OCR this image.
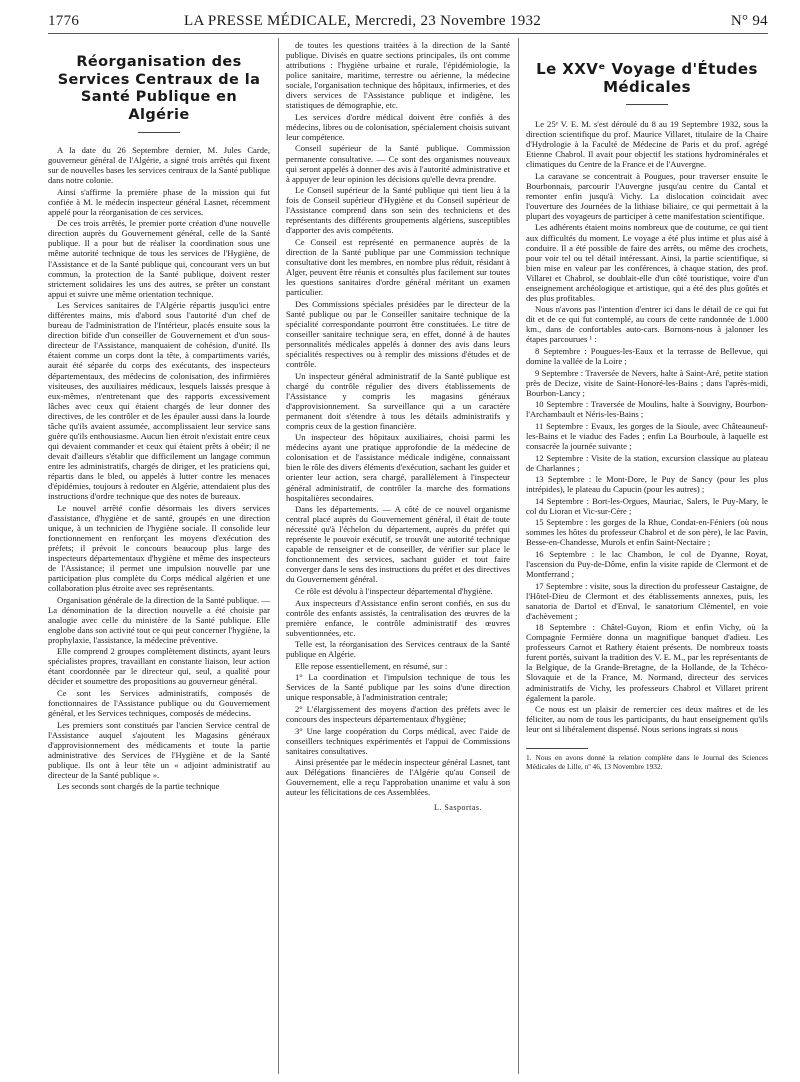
1776	LA PRESSE MÉDICALE, Mercredi, 23 Novembre 1932	N° 94
Réorganisation des Services Centraux de la Santé Publique en Algérie

A la date du 26 Septembre dernier, M. Jules Carde, gouverneur général de l'Algérie, a signé trois arrêtés qui fixent sur de nouvelles bases les services centraux de la Santé publique dans notre colonie.

Ainsi s'affirme la première phase de la mission qui fut confiée à M. le médecin inspecteur général Lasnet, récemment appelé pour la réorganisation de ces services.

De ces trois arrêtés, le premier porte création d'une nouvelle direction auprès du Gouvernement général, celle de la Santé publique. Il a pour but de réaliser la coordination sous une même autorité technique de tous les services de l'Hygiène, de l'Assistance et de la Santé publique qui, concourant vers un but commun, la protection de la Santé publique, doivent rester strictement solidaires les uns des autres, se prêter un constant appui et suivre une même orientation technique.

Les Services sanitaires de l'Algérie répartis jusqu'ici entre différentes mains, mis d'abord sous l'autorité d'un chef de bureau de l'administration de l'Intérieur, placés ensuite sous la direction bifide d'un conseiller de Gouvernement et d'un sous-directeur de l'Assistance, manquaient de cohésion, d'unité. Ils étaient comme un corps dont la tête, à compartiments variés, aurait été séparée du corps des exécutants, des inspecteurs départementaux, des médecins de colonisation, des infirmières visiteuses, des auxiliaires médicaux, lesquels laissés presque à eux-mêmes, n'entretenant que des rapports excessivement lâches avec ceux qui étaient chargés de leur donner des directives, de les contrôler et de les épauler aussi dans la lourde tâche qu'ils avaient assumée, accomplissaient leur service sans guère qu'ils enthousiasme. Aucun lien étroit n'existait entre ceux qui devaient commander et ceux qui étaient prêts à obéir; il ne devait d'ailleurs s'établir que difficilement un langage commun entre les administratifs, chargés de diriger, et les praticiens qui, répartis dans le bled, ou appelés à lutter contre les menaces d'épidémies, toujours à redouter en Algérie, attendaient plus des instructions d'ordre technique que des notes de bureaux.

Le nouvel arrêté confie désormais les divers services d'assistance, d'hygiène et de santé, groupés en une direction unique, à un technicien de l'hygiène sociale. Il consolide leur fonctionnement en renforçant les moyens d'exécution des préfets; il prévoit le concours beaucoup plus large des inspecteurs départementaux d'hygiène et même des inspecteurs de l'Assistance; il permet une impulsion nouvelle par une participation plus complète du Corps médical algérien et une collaboration plus étroite avec ses représentants.

Organisation générale de la direction de la Santé publique. — La dénomination de la direction nouvelle a été choisie par analogie avec celle du ministère de la Santé publique. Elle englobe dans son activité tout ce qui peut concerner l'hygiène, la prophylaxie, l'assistance, la médecine préventive.

Elle comprend 2 groupes complètement distincts, ayant leurs spécialistes propres, travaillant en constante liaison, leur action étant coordonnée par le directeur qui, seul, a qualité pour décider et soumettre des propositions au gouverneur général.

Ce sont les Services administratifs, composés de fonctionnaires de l'Assistance publique ou du Gouvernement général, et les Services techniques, composés de médecins.

Les premiers sont constitués par l'ancien Service central de l'Assistance auquel s'ajoutent les Magasins généraux d'approvisionnement des médicaments et toute la partie administrative des Services de l'Hygiène et de la Santé publique. Ils ont à leur tête un « adjoint administratif au directeur de la Santé publique ».

Les seconds sont chargés de la partie technique

de toutes les questions traitées à la direction de la Santé publique. Divisés en quatre sections principales, ils ont comme attributions : l'hygiène urbaine et rurale, l'épidémiologie, la police sanitaire, maritime, terrestre ou aérienne, la médecine sociale, l'organisation technique des hôpitaux, infirmeries, et des divers services de l'Assistance publique et indigène, les statistiques de démographie, etc.

Les services d'ordre médical doivent être confiés à des médecins, libres ou de colonisation, spécialement choisis suivant leur compétence.

Conseil supérieur de la Santé publique. Commission permanente consultative. — Ce sont des organismes nouveaux qui seront appelés à donner des avis à l'autorité administrative et à appuyer de leur opinion les décisions qu'elle devra prendre.

Le Conseil supérieur de la Santé publique qui tient lieu à la fois de Conseil supérieur d'Hygiène et du Conseil supérieur de l'Assistance comprend dans son sein des techniciens et des représentants des différents groupements algériens, susceptibles d'apporter des avis compétents.

Ce Conseil est représenté en permanence auprès de la direction de la Santé publique par une Commission technique consultative dont les membres, en nombre plus réduit, résidant à Alger, peuvent être réunis et consultés plus facilement sur toutes les questions sanitaires d'ordre général méritant un examen particulier.

Des Commissions spéciales présidées par le directeur de la Santé publique ou par le Conseiller sanitaire technique de la spécialité correspondante pourront être constituées. Le titre de conseiller sanitaire technique sera, en effet, donné à de hautes personnalités médicales appelés à donner des avis dans leurs spécialités respectives ou à remplir des missions d'études et de contrôle.

Un inspecteur général administratif de la Santé publique est chargé du contrôle régulier des divers établissements de l'Assistance y compris les magasins généraux d'approvisionnement. Sa surveillance qui a un caractère permanent doit s'étendre à tous les détails administratifs y compris ceux de la gestion financière.

Un inspecteur des hôpitaux auxiliaires, choisi parmi les médecins ayant une pratique approfondie de la médecine de colonisation et de l'assistance médicale indigène, connaissant bien le rôle des divers éléments d'exécution, sachant les guider et orienter leur action, sera chargé, parallèlement à l'inspecteur général administratif, de contrôler la marche des formations hospitalières secondaires.

Dans les départements. — A côté de ce nouvel organisme central placé auprès du Gouvernement général, il était de toute nécessité qu'à l'échelon du département, auprès du préfet qui représente le pouvoir exécutif, se trouvât une autorité technique capable de renseigner et de conseiller, de vérifier sur place le fonctionnement des services, sachant guider et tout faire converger dans le sens des instructions du préfet et des directives du Gouvernement général.

Ce rôle est dévolu à l'inspecteur départemental d'hygiène.

Aux inspecteurs d'Assistance enfin seront confiés, en sus du contrôle des enfants assistés, la centralisation des œuvres de la première enfance, le contrôle administratif des œuvres subventionnées, etc.

Telle est, la réorganisation des Services centraux de la Santé publique en Algérie.

Elle repose essentiellement, en résumé, sur :

1° La coordination et l'impulsion technique de tous les Services de la Santé publique par les soins d'une direction unique responsable, à l'administration centrale;

2° L'élargissement des moyens d'action des préfets avec le concours des inspecteurs départementaux d'hygiène;

3° Une large coopération du Corps médical, avec l'aide de conseillers techniques expérimentés et l'appui de Commissions sanitaires consultatives.

Ainsi présentée par le médecin inspecteur général Lasnet, tant aux Délégations financières de l'Algérie qu'au Conseil de Gouvernement, elle a reçu l'approbation unanime et valu à son auteur les félicitations de ces Assemblées.

L. Sasportas.
Le XXVᵉ Voyage d'Études Médicales

Le 25ᵉ V. E. M. s'est déroulé du 8 au 19 Septembre 1932, sous la direction scientifique du prof. Maurice Villaret, titulaire de la Chaire d'Hydrologie à la Faculté de Médecine de Paris et du prof. agrégé Etienne Chabrol. Il avait pour objectif les stations hydrominérales et climatiques du Centre de la France et de l'Auvergne.

La caravane se concentrait à Pougues, pour traverser ensuite le Bourbonnais, parcourir l'Auvergne jusqu'au centre du Cantal et remonter enfin jusqu'à Vichy. La dislocation coïncidait avec l'ouverture des Journées de la lithiase biliaire, ce qui permettait à la plupart des voyageurs de participer à cette manifestation scientifique.

Les adhérents étaient moins nombreux que de coutume, ce qui tient aux difficultés du moment. Le voyage a été plus intime et plus aisé à conduire. Il a été possible de faire des arrêts, ou même des crochets, pour voir tel ou tel détail intéressant. Ainsi, la partie scientifique, si bien mise en valeur par les conférences, à chaque station, des prof. Villaret et Chabrol, se doublait-elle d'un côté touristique, voire d'un enseignement archéologique et artistique, qui a été des plus goûtés et des plus profitables.

Nous n'avons pas l'intention d'entrer ici dans le détail de ce qui fut dit et de ce qui fut contemplé, au cours de cette randonnée de 1.000 km., dans de confortables auto-cars. Bornons-nous à jalonner les étapes parcourues ¹ :

8 Septembre : Pougues-les-Eaux et la terrasse de Bellevue, qui domine la vallée de la Loire ;

9 Septembre : Traversée de Nevers, halte à Saint-Aré, petite station près de Decize, visite de Saint-Honoré-les-Bains ; dans l'après-midi, Bourbon-Lancy ;

10 Septembre : Traversée de Moulins, halte à Souvigny, Bourbon-l'Archambault et Néris-les-Bains ;

11 Septembre : Evaux, les gorges de la Sioule, avec Châteauneuf-les-Bains et le viaduc des Fades ; enfin La Bourboule, à laquelle est consacrée la journée suivante ;

12 Septembre : Visite de la station, excursion classique au plateau de Charlannes ;

13 Septembre : le Mont-Dore, le Puy de Sancy (pour les plus intrépides), le plateau du Capucin (pour les autres) ;

14 Septembre : Bort-les-Orgues, Mauriac, Salers, le Puy-Mary, le col du Lioran et Vic-sur-Cère ;

15 Septembre : les gorges de la Rhue, Condat-en-Féniers (où nous sommes les hôtes du professeur Chabrol et de son père), le lac Pavin, Besse-en-Chandesse, Murols et enfin Saint-Nectaire ;

16 Septembre : le lac Chambon, le col de Dyanne, Royat, l'ascension du Puy-de-Dôme, enfin la visite rapide de Clermont et de Montferrand ;

17 Septembre : visite, sous la direction du professeur Castaigne, de l'Hôtel-Dieu de Clermont et des établissements annexes, puis, les sanatoria de Dartol et d'Enval, le sanatorium Clémentel, en voie d'achèvement ;

18 Septembre : Châtel-Guyon, Riom et enfin Vichy, où la Compagnie Fermière donna un magnifique banquet d'adieu. Les professeurs Carnot et Rathery étaient présents. De nombreux toasts furent portés, suivant la tradition des V. E. M., par les représentants de la Belgique, de la Grande-Bretagne, de la Hollande, de la Tchéco-Slovaquie et de la France, M. Normand, directeur des services administratifs de Vichy, les professeurs Chabrol et Villaret prirent également la parole.

Ce nous est un plaisir de remercier ces deux maîtres et de les féliciter, au nom de tous les participants, du haut enseignement qu'ils leur ont si libéralement dispensé. Nous serions ingrats si nous

1. Nous en avons donné la relation complète dans le Journal des Sciences Médicales de Lille, nº 46, 13 Novembre 1932.
